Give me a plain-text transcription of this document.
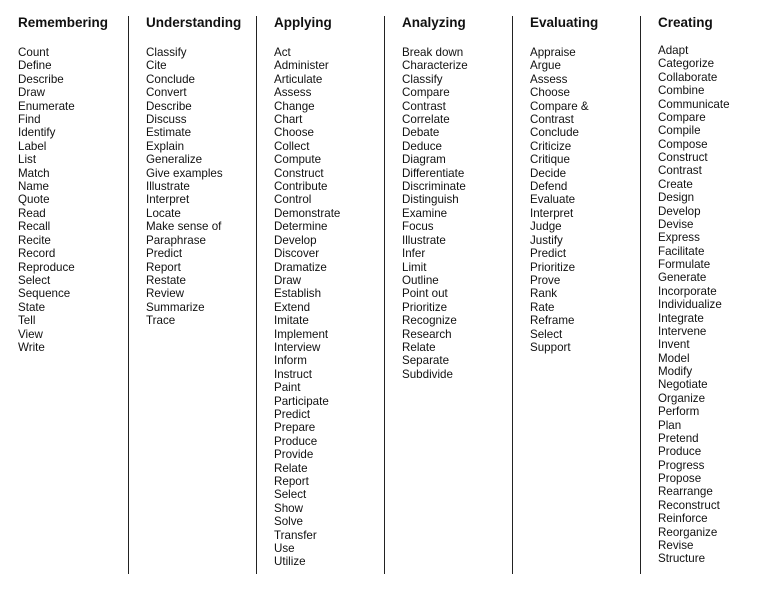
Remembering
Count
Define
Describe
Draw
Enumerate
Find
Identify
Label
List
Match
Name
Quote
Read
Recall
Recite
Record
Reproduce
Select
Sequence
State
Tell
View
Write
Understanding
Classify
Cite
Conclude
Convert
Describe
Discuss
Estimate
Explain
Generalize
Give examples
Illustrate
Interpret
Locate
Make sense of
Paraphrase
Predict
Report
Restate
Review
Summarize
Trace
Applying
Act
Administer
Articulate
Assess
Change
Chart
Choose
Collect
Compute
Construct
Contribute
Control
Demonstrate
Determine
Develop
Discover
Dramatize
Draw
Establish
Extend
Imitate
Implement
Interview
Inform
Instruct
Paint
Participate
Predict
Prepare
Produce
Provide
Relate
Report
Select
Show
Solve
Transfer
Use
Utilize
Analyzing
Break down
Characterize
Classify
Compare
Contrast
Correlate
Debate
Deduce
Diagram
Differentiate
Discriminate
Distinguish
Examine
Focus
Illustrate
Infer
Limit
Outline
Point out
Prioritize
Recognize
Research
Relate
Separate
Subdivide
Evaluating
Appraise
Argue
Assess
Choose
Compare &
Contrast
Conclude
Criticize
Critique
Decide
Defend
Evaluate
Interpret
Judge
Justify
Predict
Prioritize
Prove
Rank
Rate
Reframe
Select
Support
Creating
Adapt
Categorize
Collaborate
Combine
Communicate
Compare
Compile
Compose
Construct
Contrast
Create
Design
Develop
Devise
Express
Facilitate
Formulate
Generate
Incorporate
Individualize
Integrate
Intervene
Invent
Model
Modify
Negotiate
Organize
Perform
Plan
Pretend
Produce
Progress
Propose
Rearrange
Reconstruct
Reinforce
Reorganize
Revise
Structure
